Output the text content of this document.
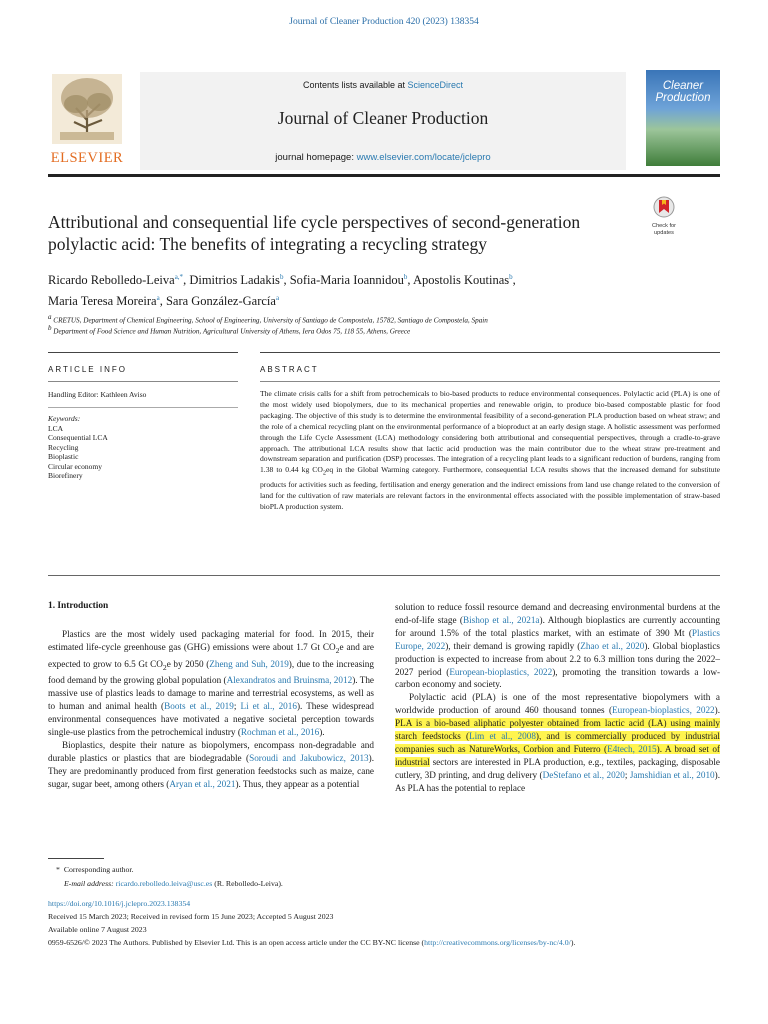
Journal of Cleaner Production 420 (2023) 138354
ELSEVIER
Contents lists available at ScienceDirect
Journal of Cleaner Production
journal homepage: www.elsevier.com/locate/jclepro
Cleaner
Production
Attributional and consequential life cycle perspectives of second-generation
polylactic acid: The benefits of integrating a recycling strategy
Check for
updates
Ricardo Rebolledo-Leiva$^{a,*}$, Dimitrios Ladakis$^b$, Sofia-Maria Ioannidou$^b$, Apostolis Koutinas$^b$,
Maria Teresa Moreira$^a$, Sara González-García$^a$
$^a$ CRETUS, Department of Chemical Engineering, School of Engineering, University of Santiago de Compostela, 15782, Santiago de Compostela, Spain
$^b$ Department of Food Science and Human Nutrition, Agricultural University of Athens, Iera Odos 75, 118 55, Athens, Greece
ARTICLE INFO	ABSTRACT
Handling Editor: Kathleen Aviso
Keywords:
LCA
Consequential LCA
Recycling
Bioplastic
Circular economy
Biorefinery
The climate crisis calls for a shift from petrochemicals to bio-based products to reduce environmental consequences. Polylactic acid (PLA) is one of the most widely used biopolymers, due to its mechanical properties and renewable origin, to produce bio-based compostable plastic for food packaging. The objective of this study is to determine the environmental feasibility of a second-generation PLA production based on wheat straw; and the role of a chemical recycling plant on the environmental performance of a bioproduct at an early design stage. A holistic assessment was performed through the Life Cycle Assessment (LCA) methodology considering both attributional and consequential perspectives, through a cradle-to-grave approach. The attributional LCA results show that lactic acid production was the main contributor due to the wheat straw pre-treatment and downstream separation and purification (DSP) processes. The integration of a recycling plant leads to a significant reduction of burdens, ranging from 1.38 to 0.44 kg $CO_2eq$ in the Global Warming category. Furthermore, consequential LCA results shows that the increased demand for substitute products for activities such as feeding, fertilisation and energy generation and the indirect emissions from land use change related to the conversion of land for the cultivation of raw materials are relevant factors in the environmental effects associated with the possible implementation of straw-based bioPLA production system.
1. Introduction
Plastics are the most widely used packaging material for food. In 2015, their estimated life-cycle greenhouse gas (GHG) emissions were about 1.7 Gt $CO_2e$ and are expected to grow to 6.5 Gt $CO_2e$ by 2050 (Zheng and Suh, 2019), due to the increasing food demand by the growing global population (Alexandratos and Bruinsma, 2012). The massive use of plastics leads to damage to marine and terrestrial ecosystems, as well as to human and animal health (Boots et al., 2019; Li et al., 2016). These widespread environmental consequences have motivated a negative societal perception towards single-use plastics from the petrochemical industry (Rochman et al., 2016).
Bioplastics, despite their nature as biopolymers, encompass non-degradable and durable plastics or plastics that are biodegradable (Soroudi and Jakubowicz, 2013). They are predominantly produced from first generation feedstocks such as maize, cane sugar, sugar beet, among others (Aryan et al., 2021). Thus, they appear as a potential
solution to reduce fossil resource demand and decreasing environmental burdens at the end-of-life stage (Bishop et al., 2021a). Although bioplastics are currently accounting for around 1.5% of the total plastics market, with an estimate of 390 Mt (Plastics Europe, 2022), their demand is growing rapidly (Zhao et al., 2020). Global bioplastics production is expected to increase from about 2.2 to 6.3 million tons during the 2022–2027 period (European-bioplastics, 2022), promoting the transition towards a low-carbon economy and society.
Polylactic acid (PLA) is one of the most representative biopolymers with a worldwide production of around 460 thousand tonnes (European-bioplastics, 2022). PLA is a bio-based aliphatic polyester obtained from lactic acid (LA) using mainly starch feedstocks (Lim et al., 2008), and is commercially produced by industrial companies such as NatureWorks, Corbion and Futerro (E4tech, 2015). A broad set of industrial sectors are interested in PLA production, e.g., textiles, packaging, disposable cutlery, 3D printing, and drug delivery (DeStefano et al., 2020; Jamshidian et al., 2010). As PLA has the potential to replace
* Corresponding author.
E-mail address: ricardo.rebolledo.leiva@usc.es (R. Rebolledo-Leiva).
https://doi.org/10.1016/j.jclepro.2023.138354
Received 15 March 2023; Received in revised form 15 June 2023; Accepted 5 August 2023
Available online 7 August 2023
0959-6526/© 2023 The Authors. Published by Elsevier Ltd. This is an open access article under the CC BY-NC license (http://creativecommons.org/licenses/by-nc/4.0/).
